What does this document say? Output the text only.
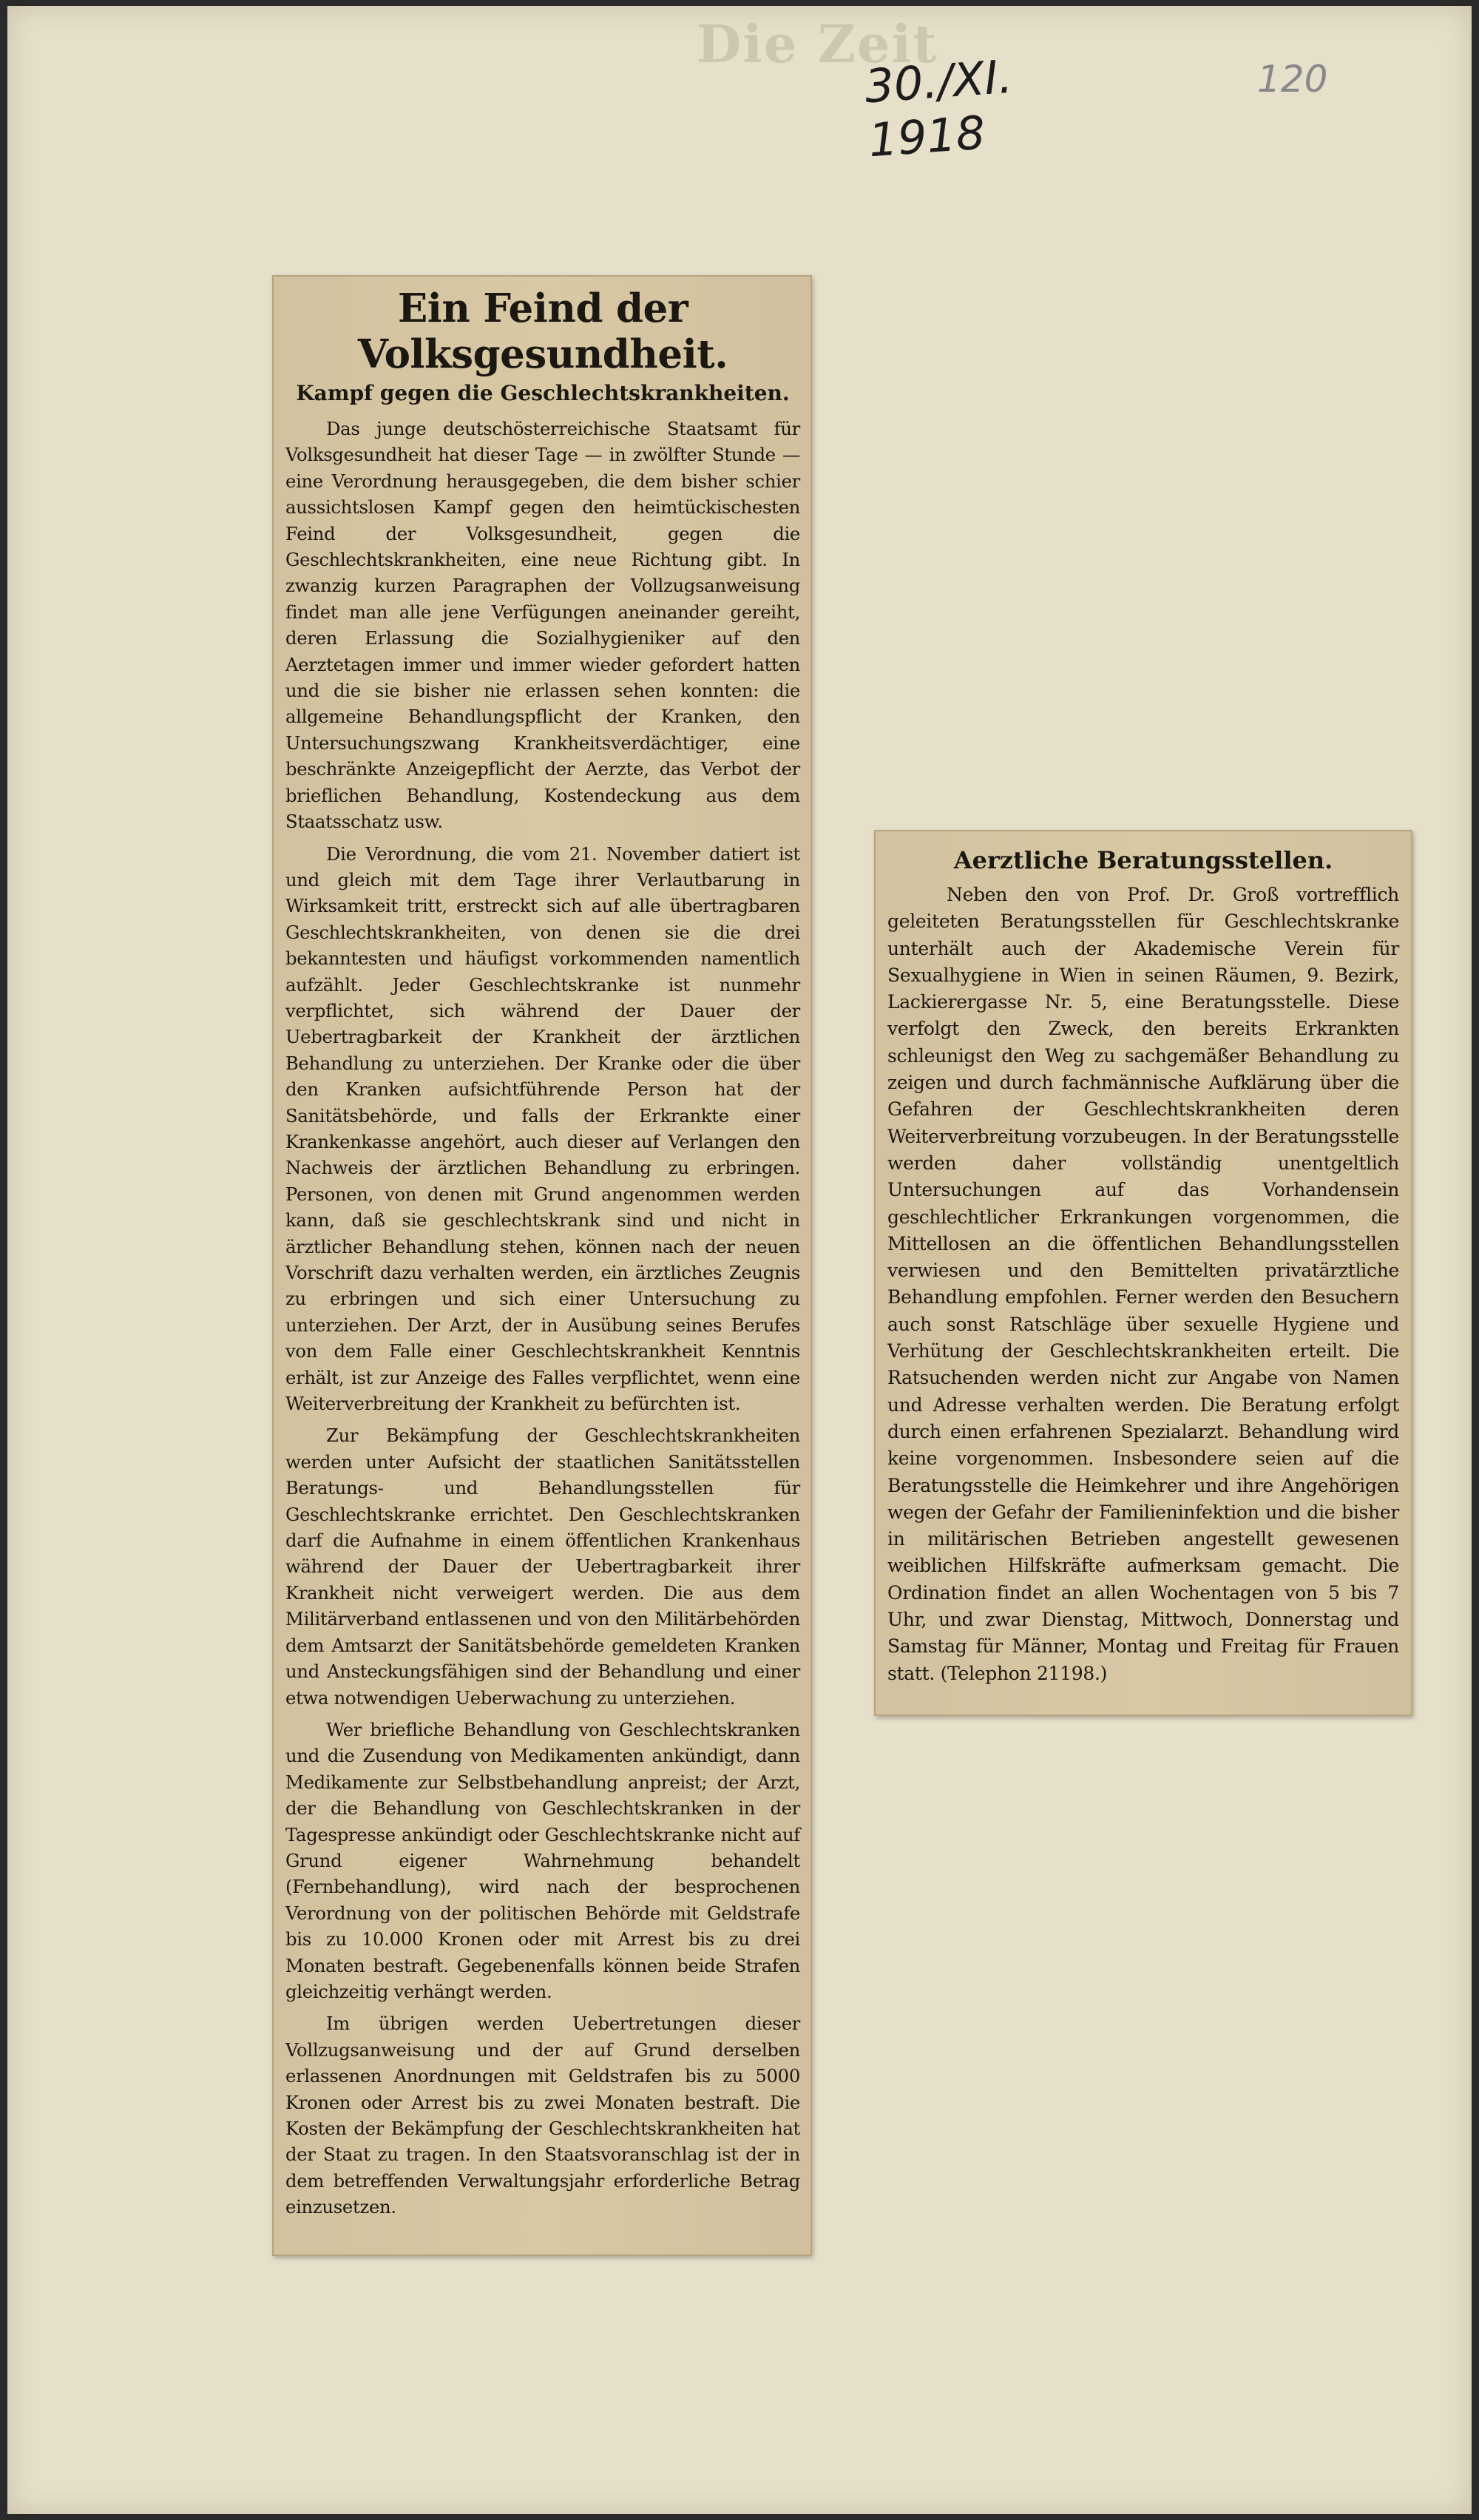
Die Zeit
30./XI. 1918
120
Ein Feind der Volksgesundheit.
Kampf gegen die Geschlechtskrankheiten.

Das junge deutschösterreichische Staatsamt für Volksgesundheit hat dieser Tage — in zwölfter Stunde — eine Verordnung herausgegeben, die dem bisher schier aussichtslosen Kampf gegen den heimtückischesten Feind der Volksgesundheit, gegen die Geschlechtskrankheiten, eine neue Richtung gibt. In zwanzig kurzen Paragraphen der Vollzugsanweisung findet man alle jene Verfügungen aneinander gereiht, deren Erlassung die Sozialhygieniker auf den Aerztetagen immer und immer wieder gefordert hatten und die sie bisher nie erlassen sehen konnten: die allgemeine Behandlungspflicht der Kranken, den Untersuchungszwang Krankheitsverdächtiger, eine beschränkte Anzeigepflicht der Aerzte, das Verbot der brieflichen Behandlung, Kostendeckung aus dem Staatsschatz usw.

Die Verordnung, die vom 21. November datiert ist und gleich mit dem Tage ihrer Verlautbarung in Wirksamkeit tritt, erstreckt sich auf alle übertragbaren Geschlechtskrankheiten, von denen sie die drei bekanntesten und häufigst vorkommenden namentlich aufzählt. Jeder Geschlechtskranke ist nunmehr verpflichtet, sich während der Dauer der Uebertragbarkeit der Krankheit der ärztlichen Behandlung zu unterziehen. Der Kranke oder die über den Kranken aufsichtführende Person hat der Sanitätsbehörde, und falls der Erkrankte einer Krankenkasse angehört, auch dieser auf Verlangen den Nachweis der ärztlichen Behandlung zu erbringen. Personen, von denen mit Grund angenommen werden kann, daß sie geschlechtskrank sind und nicht in ärztlicher Behandlung stehen, können nach der neuen Vorschrift dazu verhalten werden, ein ärztliches Zeugnis zu erbringen und sich einer Untersuchung zu unterziehen. Der Arzt, der in Ausübung seines Berufes von dem Falle einer Geschlechtskrankheit Kenntnis erhält, ist zur Anzeige des Falles verpflichtet, wenn eine Weiterverbreitung der Krankheit zu befürchten ist.

Zur Bekämpfung der Geschlechtskrankheiten werden unter Aufsicht der staatlichen Sanitätsstellen Beratungs- und Behandlungsstellen für Geschlechtskranke errichtet. Den Geschlechtskranken darf die Aufnahme in einem öffentlichen Krankenhaus während der Dauer der Uebertragbarkeit ihrer Krankheit nicht verweigert werden. Die aus dem Militärverband entlassenen und von den Militärbehörden dem Amtsarzt der Sanitätsbehörde gemeldeten Kranken und Ansteckungsfähigen sind der Behandlung und einer etwa notwendigen Ueberwachung zu unterziehen.

Wer briefliche Behandlung von Geschlechtskranken und die Zusendung von Medikamenten ankündigt, dann Medikamente zur Selbstbehandlung anpreist; der Arzt, der die Behandlung von Geschlechtskranken in der Tagespresse ankündigt oder Geschlechtskranke nicht auf Grund eigener Wahrnehmung behandelt (Fernbehandlung), wird nach der besprochenen Verordnung von der politischen Behörde mit Geldstrafe bis zu 10.000 Kronen oder mit Arrest bis zu drei Monaten bestraft. Gegebenenfalls können beide Strafen gleichzeitig verhängt werden.

Im übrigen werden Uebertretungen dieser Vollzugsanweisung und der auf Grund derselben erlassenen Anordnungen mit Geldstrafen bis zu 5000 Kronen oder Arrest bis zu zwei Monaten bestraft. Die Kosten der Bekämpfung der Geschlechtskrankheiten hat der Staat zu tragen. In den Staatsvoranschlag ist der in dem betreffenden Verwaltungsjahr erforderliche Betrag einzusetzen.

Aerztliche Beratungsstellen.

Neben den von Prof. Dr. Groß vortrefflich geleiteten Beratungsstellen für Geschlechtskranke unterhält auch der Akademische Verein für Sexualhygiene in Wien in seinen Räumen, 9. Bezirk, Lackierergasse Nr. 5, eine Beratungsstelle. Diese verfolgt den Zweck, den bereits Erkrankten schleunigst den Weg zu sachgemäßer Behandlung zu zeigen und durch fachmännische Aufklärung über die Gefahren der Geschlechtskrankheiten deren Weiterverbreitung vorzubeugen. In der Beratungsstelle werden daher vollständig unentgeltlich Untersuchungen auf das Vorhandensein geschlechtlicher Erkrankungen vorgenommen, die Mittellosen an die öffentlichen Behandlungsstellen verwiesen und den Bemittelten privatärztliche Behandlung empfohlen. Ferner werden den Besuchern auch sonst Ratschläge über sexuelle Hygiene und Verhütung der Geschlechtskrankheiten erteilt. Die Ratsuchenden werden nicht zur Angabe von Namen und Adresse verhalten werden. Die Beratung erfolgt durch einen erfahrenen Spezialarzt. Behandlung wird keine vorgenommen. Insbesondere seien auf die Beratungsstelle die Heimkehrer und ihre Angehörigen wegen der Gefahr der Familieninfektion und die bisher in militärischen Betrieben angestellt gewesenen weiblichen Hilfskräfte aufmerksam gemacht. Die Ordination findet an allen Wochentagen von 5 bis 7 Uhr, und zwar Dienstag, Mittwoch, Donnerstag und Samstag für Männer, Montag und Freitag für Frauen statt. (Telephon 21198.)
